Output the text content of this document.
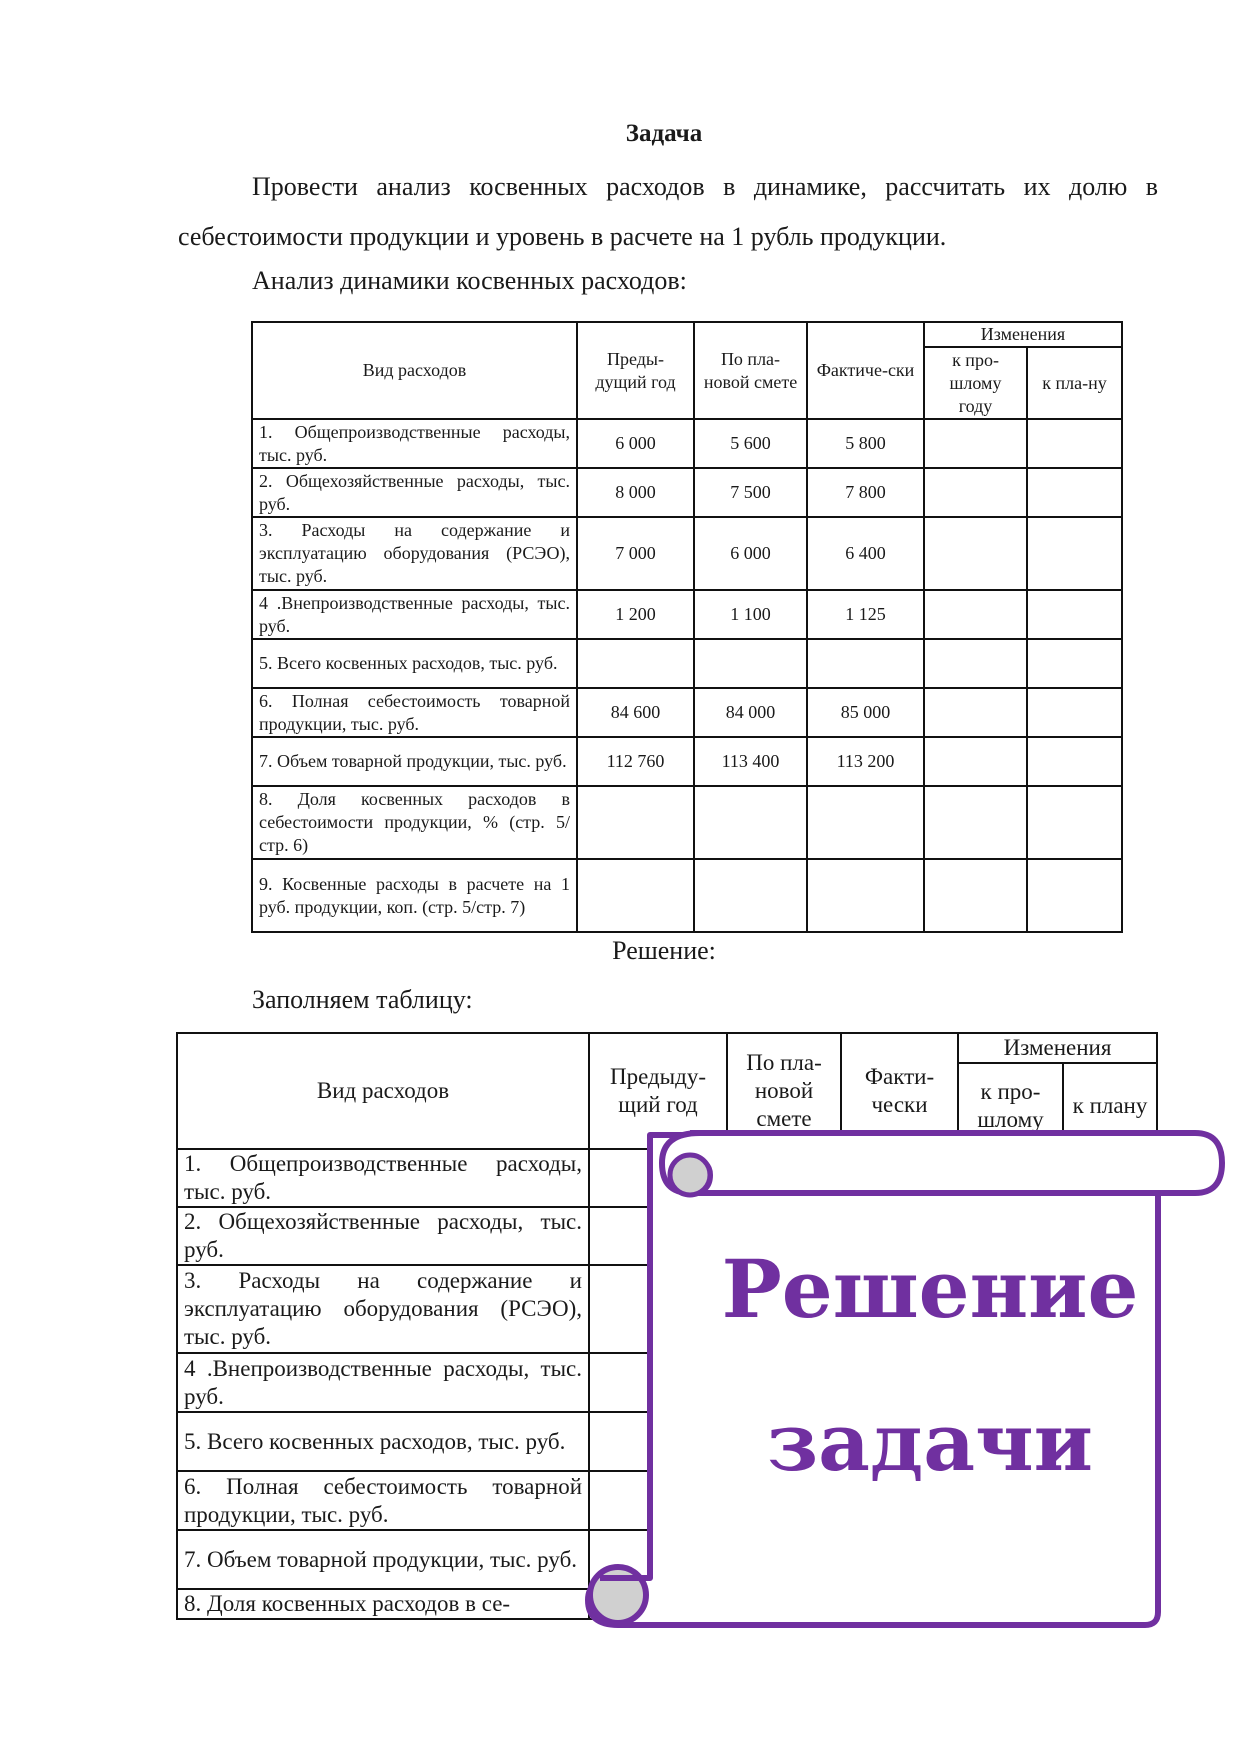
Задача
Провести анализ косвенных расходов в динамике, рассчитать их долю в себестоимости продукции и уровень в расчете на 1 рубль продукции.
Анализ динамики косвенных расходов:
Вид расходов	Преды-дущий год	По пла-новой смете	Фактиче-ски	Изменения	
				к про-шлому году	к пла-ну
1. Общепроизводственные расходы, тыс. руб.	6 000	5 600	5 800		
2. Общехозяйственные расходы, тыс. руб.	8 000	7 500	7 800		
3. Расходы на содержание и эксплуатацию оборудования (РСЭО), тыс. руб.	7 000	6 000	6 400		
4 .Внепроизводственные расходы, тыс. руб.	1 200	1 100	1 125		
5. Всего косвенных расходов, тыс. руб.					
6. Полная себестоимость товарной продукции, тыс. руб.	84 600	84 000	85 000		
7. Объем товарной продукции, тыс. руб.	112 760	113 400	113 200		
8. Доля косвенных расходов в себестоимости продукции, % (стр. 5/стр. 6)					
9. Косвенные расходы в расчете на 1 руб. продукции, коп. (стр. 5/стр. 7)					
Решение:
Заполняем таблицу:
Вид расходов	Предыду-щий год	По пла-новой смете	Факти-чески	Изменения	
				к про-шлому	к плану
1. Общепроизводственные расходы, тыс. руб.					
2. Общехозяйственные расходы, тыс. руб.					
3. Расходы на содержание и эксплуатацию оборудования (РСЭО), тыс. руб.					
4 .Внепроизводственные расходы, тыс. руб.					
5. Всего косвенных расходов, тыс. руб.					
6. Полная себестоимость товарной продукции, тыс. руб.					
7. Объем товарной продукции, тыс. руб.					
8. Доля косвенных расходов в се-					
Решение
задачи
